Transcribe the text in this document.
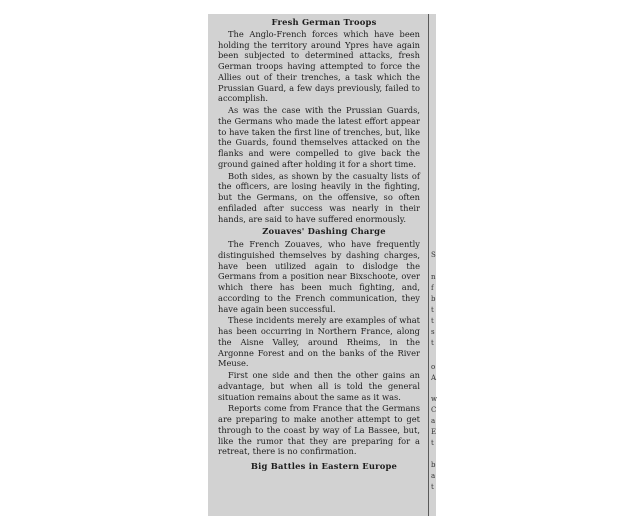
Fresh German Troops

The Anglo-French forces which have been holding the territory around Ypres have again been subjected to determined attacks, fresh German troops having attempted to force the Allies out of their trenches, a task which the Prussian Guard, a few days previously, failed to accomplish.

As was the case with the Prussian Guards, the Germans who made the latest effort appear to have taken the first line of trenches, but, like the Guards, found themselves attacked on the flanks and were compelled to give back the ground gained after holding it for a short time.

Both sides, as shown by the casualty lists of the officers, are losing heavily in the fighting, but the Germans, on the offensive, so often enfiladed after success was nearly in their hands, are said to have suffered enormously.

Zouaves' Dashing Charge

The French Zouaves, who have frequently distinguished themselves by dashing charges, have been utilized again to dislodge the Germans from a position near Bixschoote, over which there has been much fighting, and, according to the French communication, they have again been successful.

These incidents merely are examples of what has been occurring in Northern France, along the Aisne Valley, around Rheims, in the Argonne Forest and on the banks of the River Meuse.

First one side and then the other gains an advantage, but when all is told the general situation remains about the same as it was.

Reports come from France that the Germans are preparing to make another attempt to get through to the coast by way of La Bassee, but, like the rumor that they are preparing for a retreat, there is no confirmation.

Big Battles in Eastern Europe

S
n
f
b
t
t
s
t
o
A
w
C
a
E
t
b
a
t
